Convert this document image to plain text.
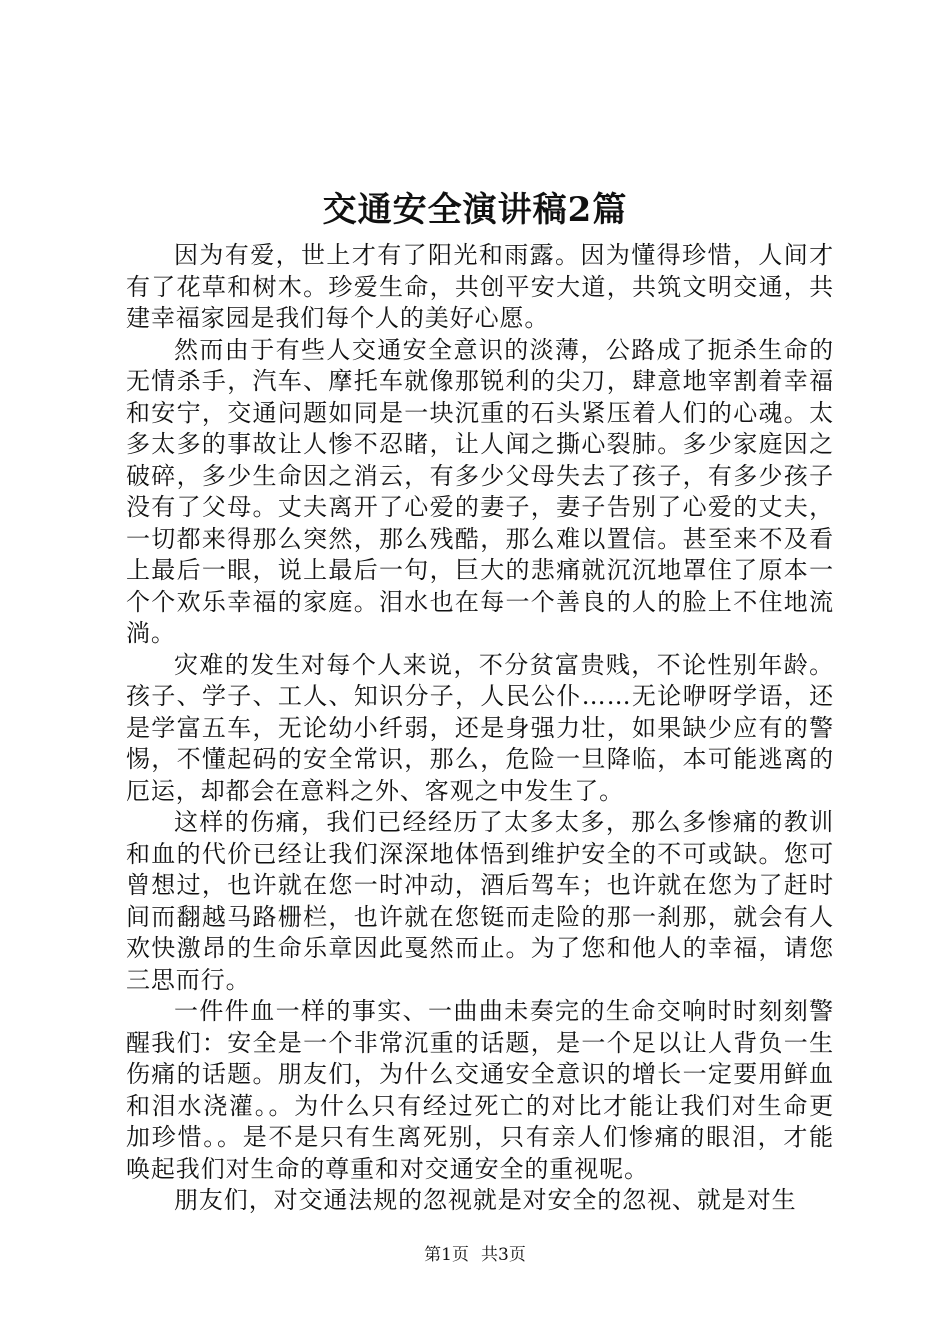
交通安全演讲稿2篇

因为有爱，世上才有了阳光和雨露。因为懂得珍惜，人间才有了花草和树木。珍爱生命，共创平安大道，共筑文明交通，共建幸福家园是我们每个人的美好心愿。

然而由于有些人交通安全意识的淡薄，公路成了扼杀生命的无情杀手，汽车、摩托车就像那锐利的尖刀，肆意地宰割着幸福和安宁，交通问题如同是一块沉重的石头紧压着人们的心魂。太多太多的事故让人惨不忍睹，让人闻之撕心裂肺。多少家庭因之破碎，多少生命因之消云，有多少父母失去了孩子，有多少孩子没有了父母。丈夫离开了心爱的妻子，妻子告别了心爱的丈夫，一切都来得那么突然，那么残酷，那么难以置信。甚至来不及看上最后一眼，说上最后一句，巨大的悲痛就沉沉地罩住了原本一个个欢乐幸福的家庭。泪水也在每一个善良的人的脸上不住地流淌。

灾难的发生对每个人来说，不分贫富贵贱，不论性别年龄。孩子、学子、工人、知识分子，人民公仆……无论咿呀学语，还是学富五车，无论幼小纤弱，还是身强力壮，如果缺少应有的警惕，不懂起码的安全常识，那么，危险一旦降临，本可能逃离的厄运，却都会在意料之外、客观之中发生了。

这样的伤痛，我们已经经历了太多太多，那么多惨痛的教训和血的代价已经让我们深深地体悟到维护安全的不可或缺。您可曾想过，也许就在您一时冲动，酒后驾车；也许就在您为了赶时间而翻越马路栅栏，也许就在您铤而走险的那一刹那，就会有人欢快激昂的生命乐章因此戛然而止。为了您和他人的幸福，请您三思而行。

一件件血一样的事实、一曲曲未奏完的生命交响时时刻刻警醒我们：安全是一个非常沉重的话题，是一个足以让人背负一生伤痛的话题。朋友们，为什么交通安全意识的增长一定要用鲜血和泪水浇灌。。为什么只有经过死亡的对比才能让我们对生命更加珍惜。。是不是只有生离死别，只有亲人们惨痛的眼泪，才能唤起我们对生命的尊重和对交通安全的重视呢。

朋友们，对交通法规的忽视就是对安全的忽视、就是对生

第1页 共3页
